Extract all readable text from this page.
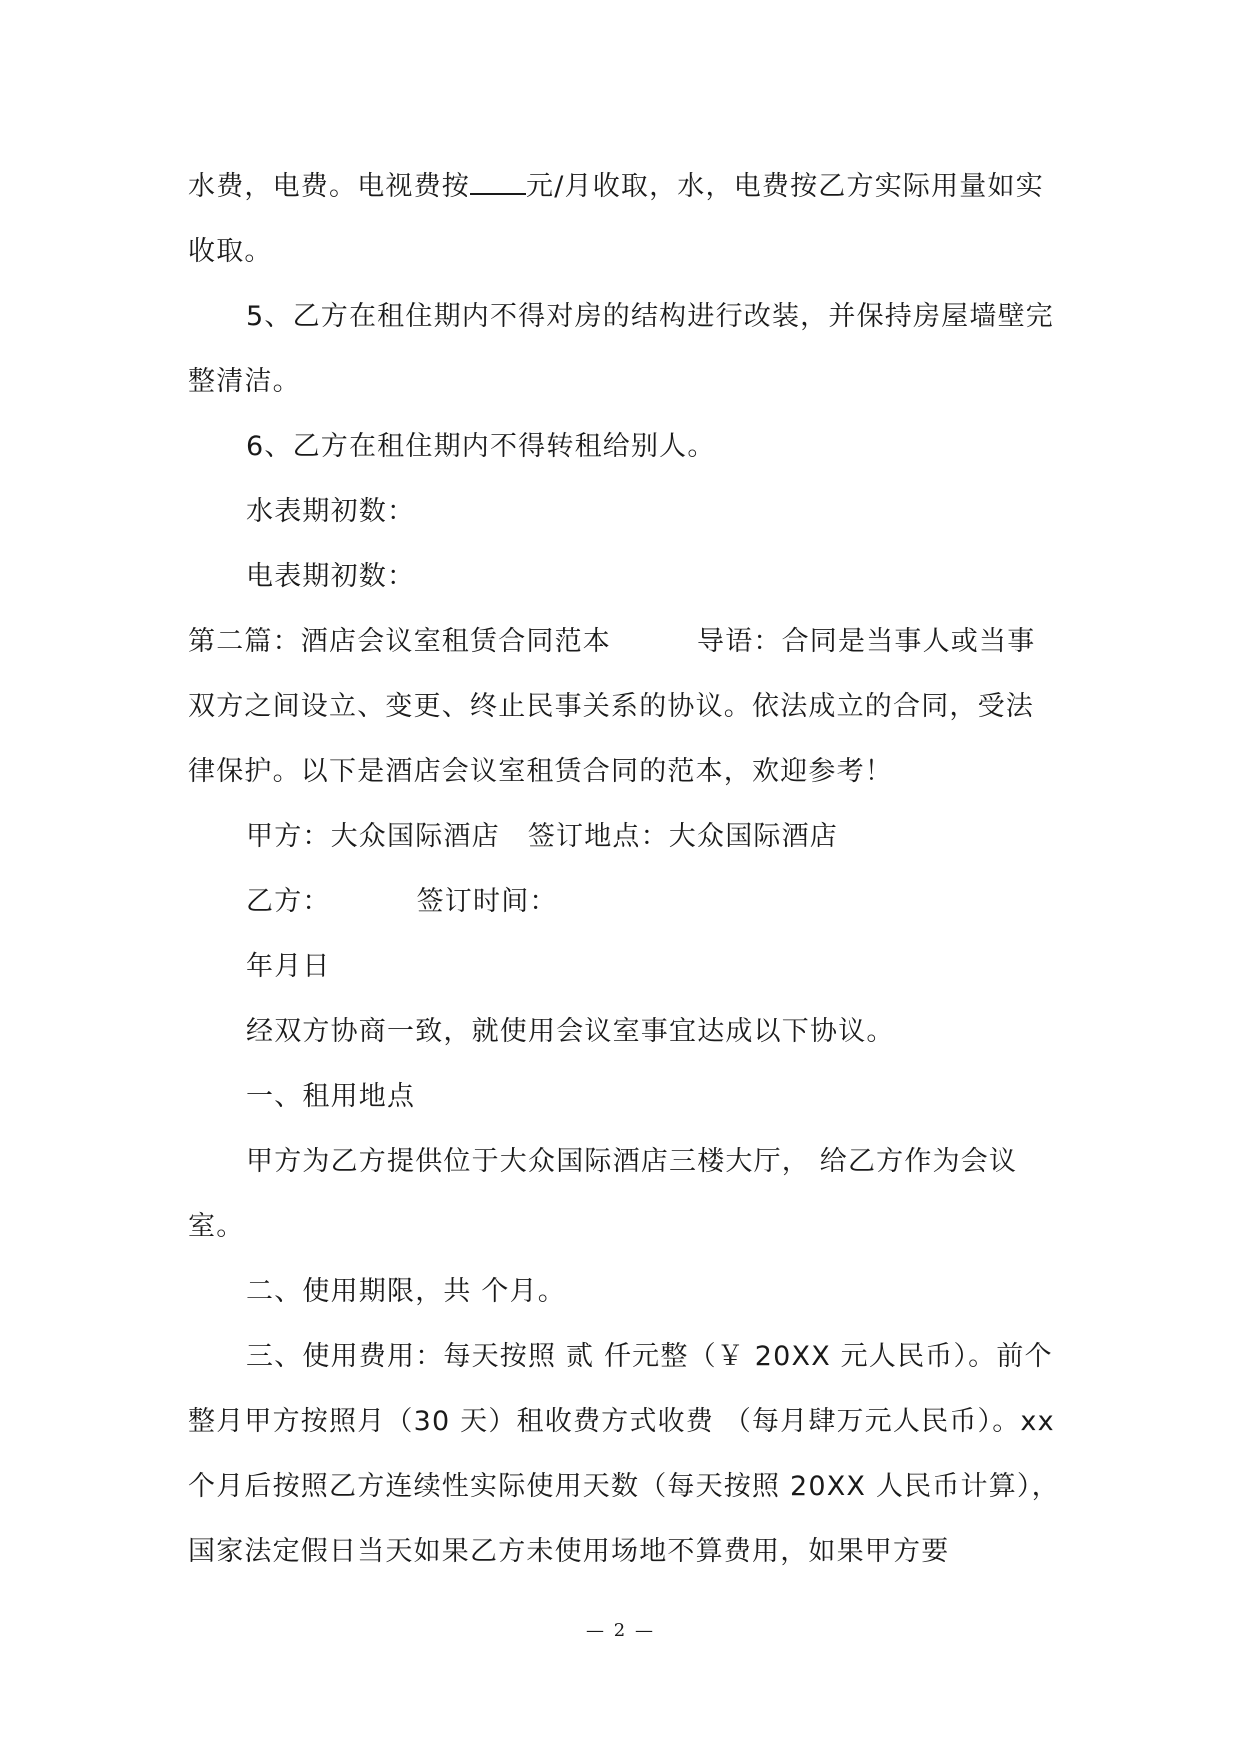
水费，电费。电视费按 元/月收取，水，电费按乙方实际用量如实收取。

5、乙方在租住期内不得对房的结构进行改装，并保持房屋墙壁完整清洁。

6、乙方在租住期内不得转租给别人。

水表期初数：

电表期初数：

第二篇：酒店会议室租赁合同范本	导语：合同是当事人或当事双方之间设立、变更、终止民事关系的协议。依法成立的合同，受法律保护。以下是酒店会议室租赁合同的范本，欢迎参考！

甲方：大众国际酒店 签订地点：大众国际酒店

乙方：	签订时间：

年月日

经双方协商一致，就使用会议室事宜达成以下协议。

一、租用地点

甲方为乙方提供位于大众国际酒店三楼大厅， 给乙方作为会议室。

二、使用期限，共 个月。

三、使用费用：每天按照 贰 仟元整（￥ 20XX 元人民币）。前个整月甲方按照月（30 天）租收费方式收费 （每月肆万元人民币）。xx 个月后按照乙方连续性实际使用天数（每天按照 20XX 人民币计算），国家法定假日当天如果乙方未使用场地不算费用，如果甲方要

— 2 —
